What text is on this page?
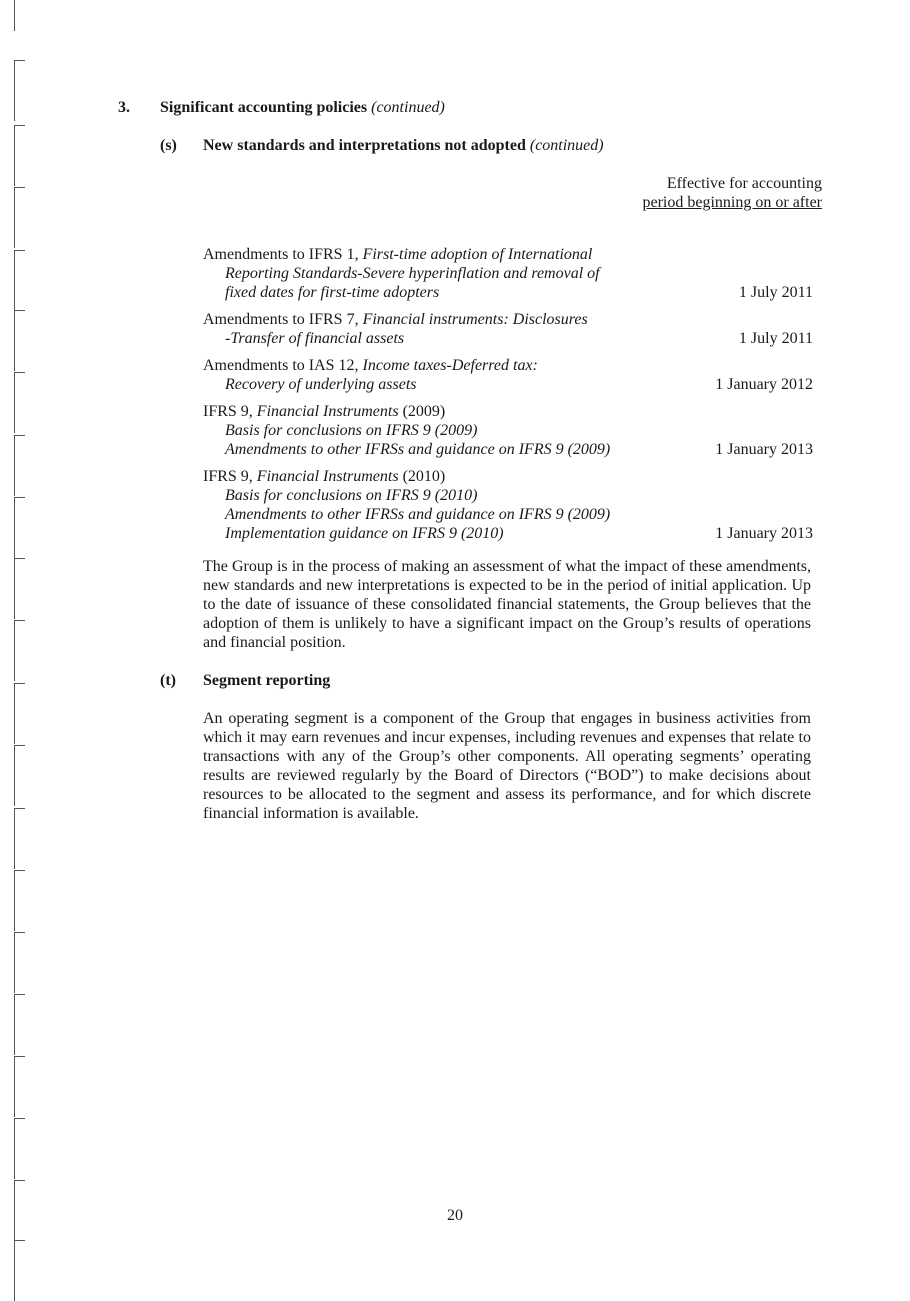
3. Significant accounting policies (continued)
(s) New standards and interpretations not adopted (continued)
Effective for accounting
period beginning on or after
Amendments to IFRS 1, First-time adoption of International
Reporting Standards-Severe hyperinflation and removal of
fixed dates for first-time adopters	1 July 2011
Amendments to IFRS 7, Financial instruments: Disclosures
-Transfer of financial assets	1 July 2011
Amendments to IAS 12, Income taxes-Deferred tax:
Recovery of underlying assets	1 January 2012
IFRS 9, Financial Instruments (2009)
Basis for conclusions on IFRS 9 (2009)
Amendments to other IFRSs and guidance on IFRS 9 (2009)	1 January 2013
IFRS 9, Financial Instruments (2010)
Basis for conclusions on IFRS 9 (2010)
Amendments to other IFRSs and guidance on IFRS 9 (2009)
Implementation guidance on IFRS 9 (2010)	1 January 2013
The Group is in the process of making an assessment of what the impact of these amendments, new standards and new interpretations is expected to be in the period of initial application. Up to the date of issuance of these consolidated financial statements, the Group believes that the adoption of them is unlikely to have a significant impact on the Group’s results of operations and financial position.
(t) Segment reporting
An operating segment is a component of the Group that engages in business activities from which it may earn revenues and incur expenses, including revenues and expenses that relate to transactions with any of the Group’s other components. All operating segments’ operating results are reviewed regularly by the Board of Directors (“BOD”) to make decisions about resources to be allocated to the segment and assess its performance, and for which discrete financial information is available.
20
